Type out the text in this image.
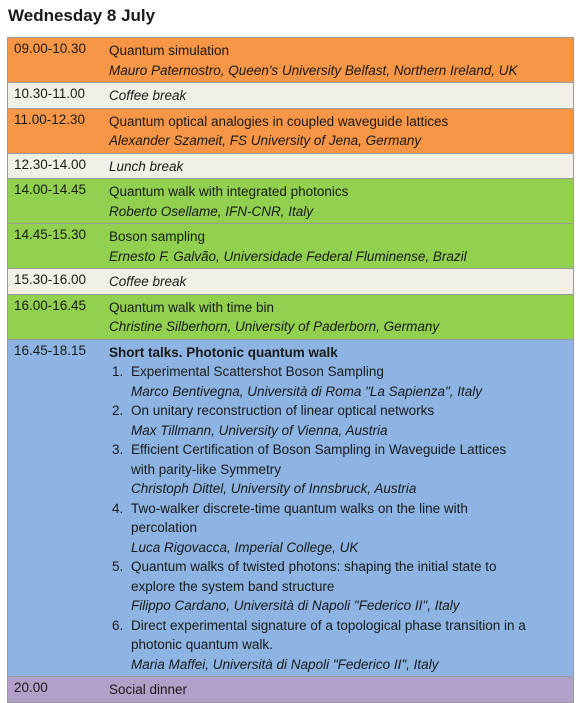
Wednesday 8 July
09.00-10.30 Quantum simulation
Mauro Paternostro, Queen's University Belfast, Northern Ireland, UK
10.30-11.00 Coffee break
11.00-12.30 Quantum optical analogies in coupled waveguide lattices
Alexander Szameit, FS University of Jena, Germany
12.30-14.00 Lunch break
14.00-14.45 Quantum walk with integrated photonics
Roberto Osellame, IFN-CNR, Italy
14.45-15.30 Boson sampling
Ernesto F. Galvão, Universidade Federal Fluminense, Brazil
15.30-16.00 Coffee break
16.00-16.45 Quantum walk with time bin
Christine Silberhorn, University of Paderborn, Germany
16.45-18.15 Short talks. Photonic quantum walk
1. Experimental Scattershot Boson Sampling
Marco Bentivegna, Università di Roma "La Sapienza", Italy
2. On unitary reconstruction of linear optical networks
Max Tillmann, University of Vienna, Austria
3. Efficient Certification of Boson Sampling in Waveguide Lattices
with parity-like Symmetry
Christoph Dittel, University of Innsbruck, Austria
4. Two-walker discrete-time quantum walks on the line with
percolation
Luca Rigovacca, Imperial College, UK
5. Quantum walks of twisted photons: shaping the initial state to
explore the system band structure
Filippo Cardano, Università di Napoli "Federico II", Italy
6. Direct experimental signature of a topological phase transition in a
photonic quantum walk.
Maria Maffei, Università di Napoli "Federico II", Italy
20.00	Social dinner
